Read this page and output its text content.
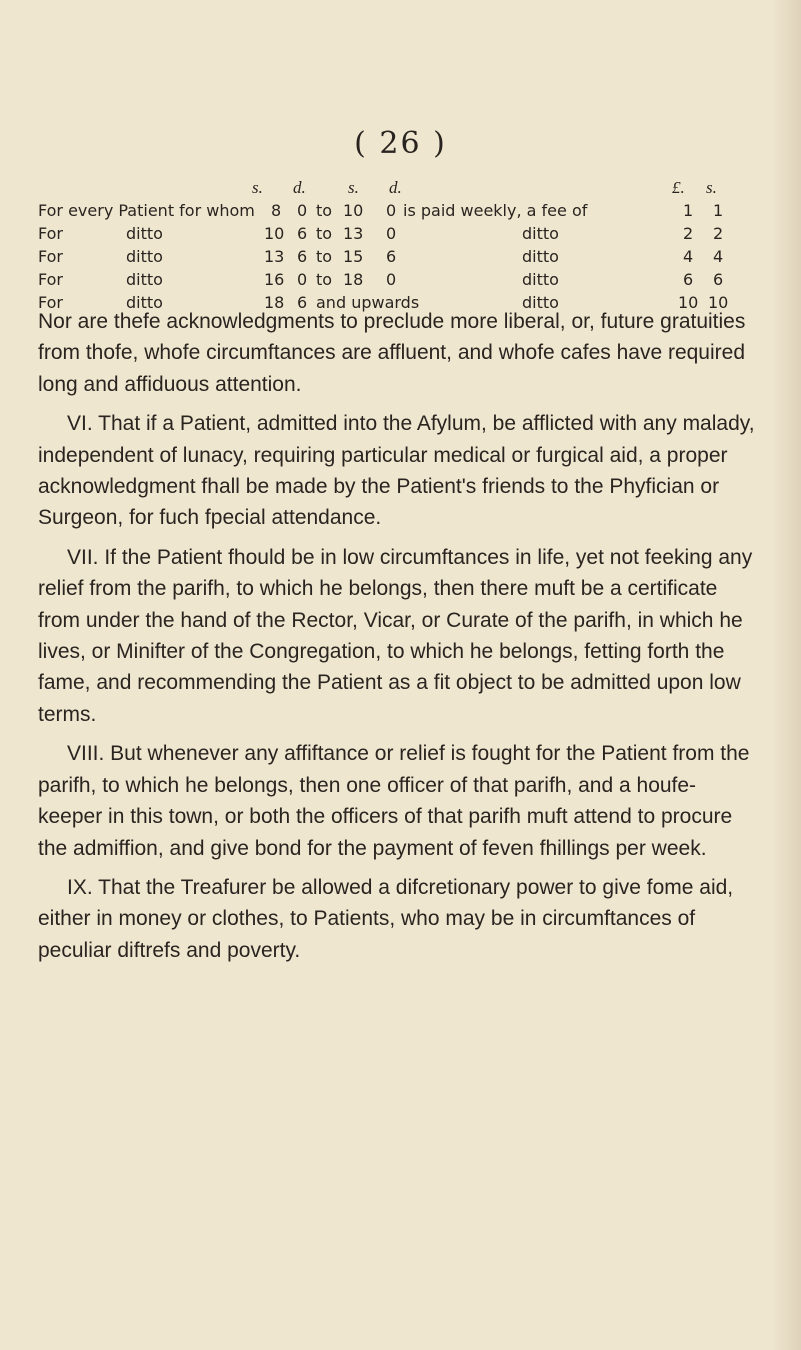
( 26 )
s. d. s. d.	£. s.
For every Patient for whom 8 0 to 10 0 is paid weekly, a fee of	1 1
For	ditto	10 6 to 13 0	ditto	2 2
For	ditto	13 6 to 15 6	ditto	4 4
For	ditto	16 0 to 18 0	ditto	6 6
For	ditto	18 6 and upwards	ditto	10 10

Nor are thefe acknowledgments to preclude more liberal, or, future gratuities from thofe, whofe circumftances are affluent, and whofe cafes have required long and affiduous attention.

VI. That if a Patient, admitted into the Afylum, be afflicted with any malady, independent of lunacy, requiring particular medical or furgical aid, a proper acknowledgment fhall be made by the Patient's friends to the Phyfician or Surgeon, for fuch fpecial attendance.

VII. If the Patient fhould be in low circumftances in life, yet not feeking any relief from the parifh, to which he belongs, then there muft be a certificate from under the hand of the Rector, Vicar, or Curate of the parifh, in which he lives, or Minifter of the Congregation, to which he belongs, fetting forth the fame, and recommending the Patient as a fit object to be admitted upon low terms.

VIII. But whenever any affiftance or relief is fought for the Patient from the parifh, to which he belongs, then one officer of that parifh, and a houfe-keeper in this town, or both the officers of that parifh muft attend to procure the admiffion, and give bond for the payment of feven fhillings per week.

IX. That the Treafurer be allowed a difcretionary power to give fome aid, either in money or clothes, to Patients, who may be in circumftances of peculiar diftrefs and poverty.
